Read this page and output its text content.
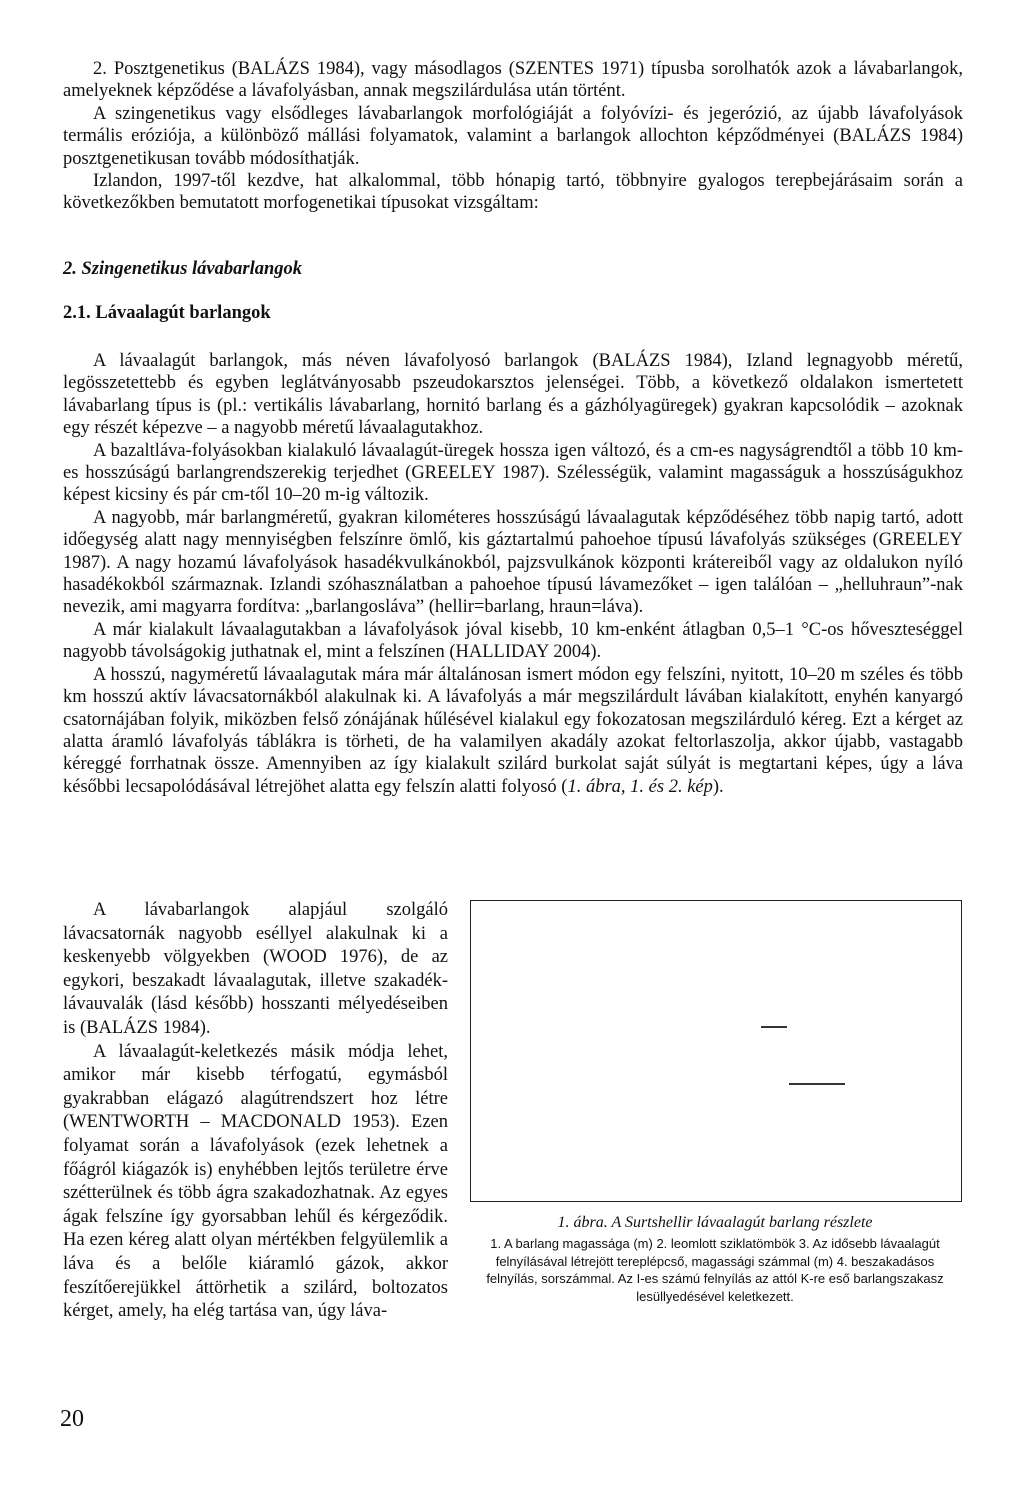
2. Posztgenetikus (BALÁZS 1984), vagy másodlagos (SZENTES 1971) típusba sorolhatók azok a lávabarlangok, amelyeknek képződése a lávafolyásban, annak megszilárdulása után történt.

A szingenetikus vagy elsődleges lávabarlangok morfológiáját a folyóvízi- és jegerózió, az újabb lávafolyások termális eróziója, a különböző mállási folyamatok, valamint a barlangok allochton képződményei (BALÁZS 1984) posztgenetikusan tovább módosíthatják.

Izlandon, 1997-től kezdve, hat alkalommal, több hónapig tartó, többnyire gyalogos terepbejárásaim során a következőkben bemutatott morfogenetikai típusokat vizsgáltam:

2. Szingenetikus lávabarlangok
2.1. Lávaalagút barlangok

A lávaalagút barlangok, más néven lávafolyosó barlangok (BALÁZS 1984), Izland legnagyobb méretű, legösszetettebb és egyben leglátványosabb pszeudokarsztos jelenségei. Több, a következő oldalakon ismertetett lávabarlang típus is (pl.: vertikális lávabarlang, hornitó barlang és a gázhólyagüregek) gyakran kapcsolódik – azoknak egy részét képezve – a nagyobb méretű lávaalagutakhoz.

A bazaltláva-folyásokban kialakuló lávaalagút-üregek hossza igen változó, és a cm-es nagyságrendtől a több 10 km-es hosszúságú barlangrendszerekig terjedhet (GREELEY 1987). Szélességük, valamint magasságuk a hosszúságukhoz képest kicsiny és pár cm-től 10–20 m-ig változik.

A nagyobb, már barlangméretű, gyakran kilométeres hosszúságú lávaalagutak képződéséhez több napig tartó, adott időegység alatt nagy mennyiségben felszínre ömlő, kis gáztartalmú pahoehoe típusú lávafolyás szükséges (GREELEY 1987). A nagy hozamú lávafolyások hasadékvulkánokból, pajzsvulkánok központi krátereiből vagy az oldalukon nyíló hasadékokból származnak. Izlandi szóhasználatban a pahoehoe típusú lávamezőket – igen találóan – „helluhraun”-nak nevezik, ami magyarra fordítva: „barlangosláva” (hellir=barlang, hraun=láva).

A már kialakult lávaalagutakban a lávafolyások jóval kisebb, 10 km-enként átlagban 0,5–1 °C-os hőveszteséggel nagyobb távolságokig juthatnak el, mint a felszínen (HALLIDAY 2004).

A hosszú, nagyméretű lávaalagutak mára már általánosan ismert módon egy felszíni, nyitott, 10–20 m széles és több km hosszú aktív lávacsatornákból alakulnak ki. A lávafolyás a már megszilárdult lávában kialakított, enyhén kanyargó csatornájában folyik, miközben felső zónájának hűlésével kialakul egy fokozatosan megszilárduló kéreg. Ezt a kérget az alatta áramló lávafolyás táblákra is törheti, de ha valamilyen akadály azokat feltorlaszolja, akkor újabb, vastagabb kéreggé forrhatnak össze. Amennyiben az így kialakult szilárd burkolat saját súlyát is megtartani képes, úgy a láva későbbi lecsapolódásával létrejöhet alatta egy felszín alatti folyosó (1. ábra, 1. és 2. kép).

A lávabarlangok alapjául szolgáló lávacsatornák nagyobb eséllyel alakulnak ki a keskenyebb völgyekben (WOOD 1976), de az egykori, beszakadt lávaalagutak, illetve szakadék-lávauvalák (lásd később) hosszanti mélyedéseiben is (BALÁZS 1984).

A lávaalagút-keletkezés másik módja lehet, amikor már kisebb térfogatú, egymásból gyakrabban elágazó alagútrendszert hoz létre (WENTWORTH – MACDONALD 1953). Ezen folyamat során a lávafolyások (ezek lehetnek a főágról kiágazók is) enyhébben lejtős területre érve szétterülnek és több ágra szakadozhatnak. Az egyes ágak felszíne így gyorsabban lehűl és kérgeződik. Ha ezen kéreg alatt olyan mértékben felgyülemlik a láva és a belőle kiáramló gázok, akkor feszítőerejükkel áttörhetik a szilárd, boltozatos kérget, amely, ha elég tartása van, úgy láva-

1. ábra. A Surtshellir lávaalagút barlang részlete
1. A barlang magassága (m) 2. leomlott sziklatömbök 3. Az idősebb lávaalagút felnyílásával létrejött tereplépcső, magassági számmal (m) 4. beszakadásos felnyílás, sorszámmal. Az I-es számú felnyílás az attól K-re eső barlangszakasz lesüllyedésével keletkezett.
20
